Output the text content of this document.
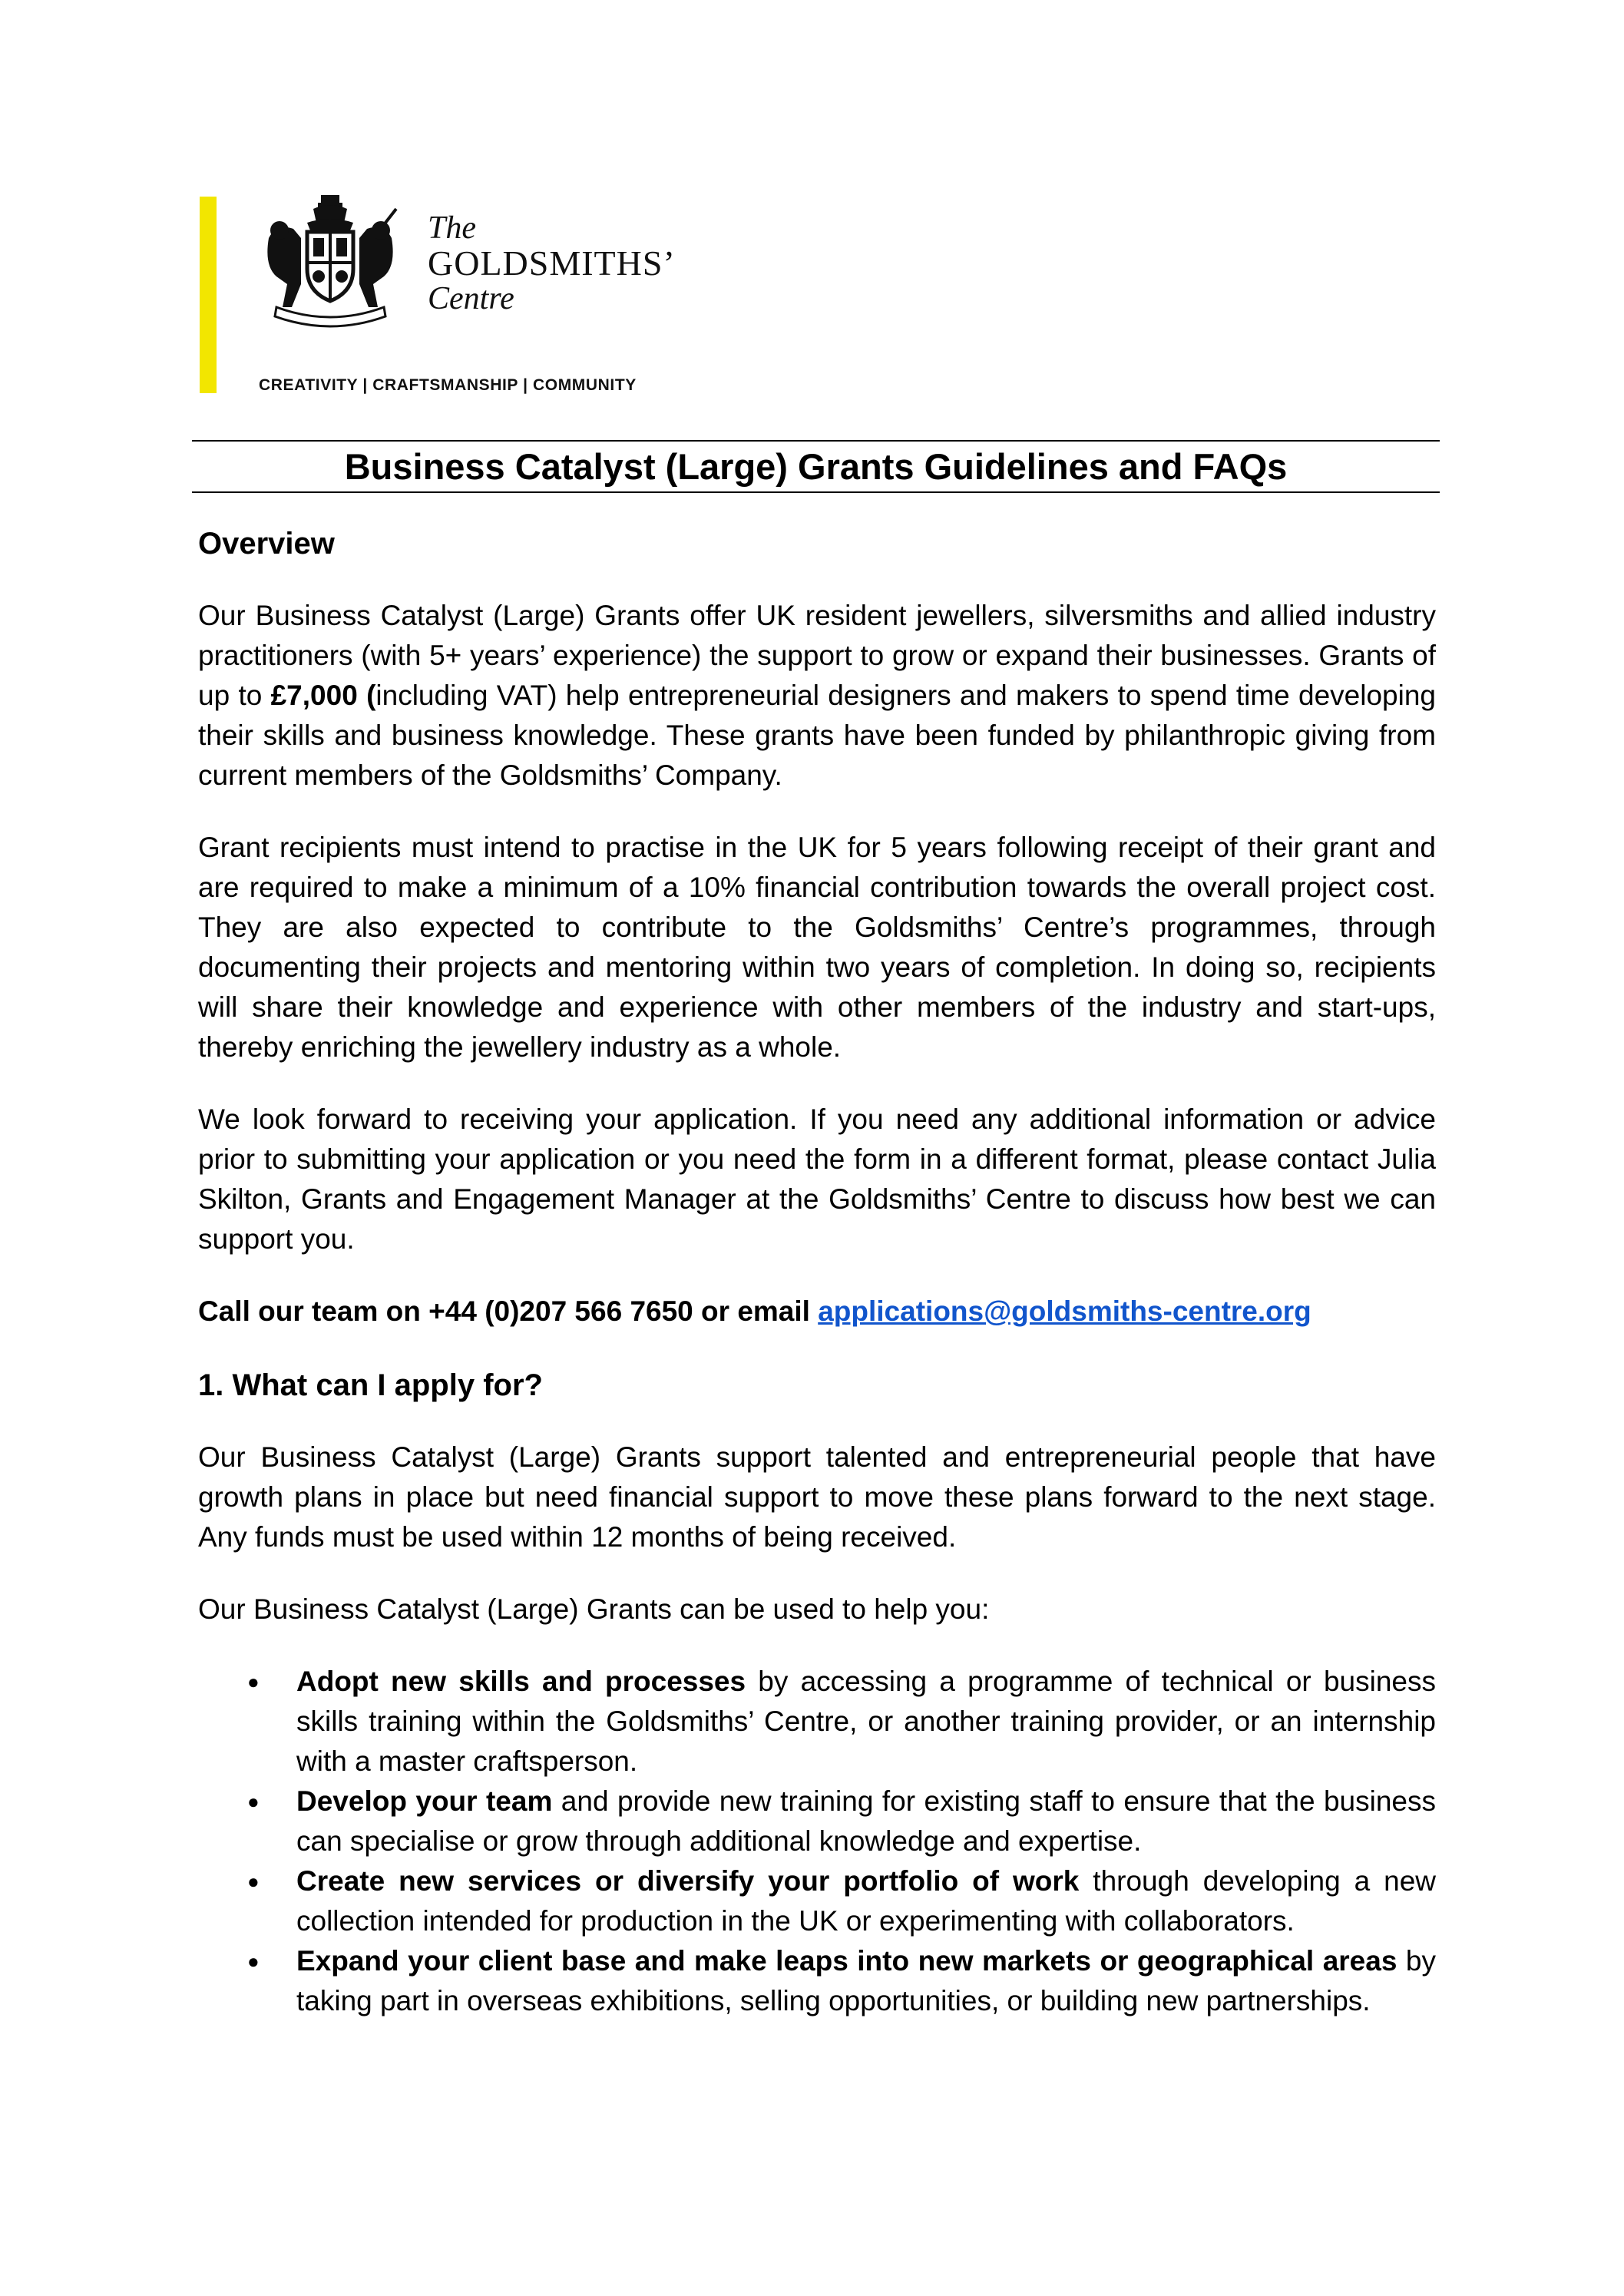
The
GOLDSMITHS’
Centre
CREATIVITY | CRAFTSMANSHIP | COMMUNITY
Business Catalyst (Large) Grants Guidelines and FAQs
Overview

Our Business Catalyst (Large) Grants offer UK resident jewellers, silversmiths and allied industry practitioners (with 5+ years’ experience) the support to grow or expand their businesses. Grants of up to £7,000 (including VAT) help entrepreneurial designers and makers to spend time developing their skills and business knowledge. These grants have been funded by philanthropic giving from current members of the Goldsmiths’ Company.

Grant recipients must intend to practise in the UK for 5 years following receipt of their grant and are required to make a minimum of a 10% financial contribution towards the overall project cost. They are also expected to contribute to the Goldsmiths’ Centre’s programmes, through documenting their projects and mentoring within two years of completion. In doing so, recipients will share their knowledge and experience with other members of the industry and start-ups, thereby enriching the jewellery industry as a whole.

We look forward to receiving your application. If you need any additional information or advice prior to submitting your application or you need the form in a different format, please contact Julia Skilton, Grants and Engagement Manager at the Goldsmiths’ Centre to discuss how best we can support you.

Call our team on +44 (0)207 566 7650 or email applications@goldsmiths-centre.org

1. What can I apply for?

Our Business Catalyst (Large) Grants support talented and entrepreneurial people that have growth plans in place but need financial support to move these plans forward to the next stage. Any funds must be used within 12 months of being received.

Our Business Catalyst (Large) Grants can be used to help you:

● Adopt new skills and processes by accessing a programme of technical or business skills training within the Goldsmiths’ Centre, or another training provider, or an internship with a master craftsperson.
● Develop your team and provide new training for existing staff to ensure that the business can specialise or grow through additional knowledge and expertise.
● Create new services or diversify your portfolio of work through developing a new collection intended for production in the UK or experimenting with collaborators.
● Expand your client base and make leaps into new markets or geographical areas by taking part in overseas exhibitions, selling opportunities, or building new partnerships.
